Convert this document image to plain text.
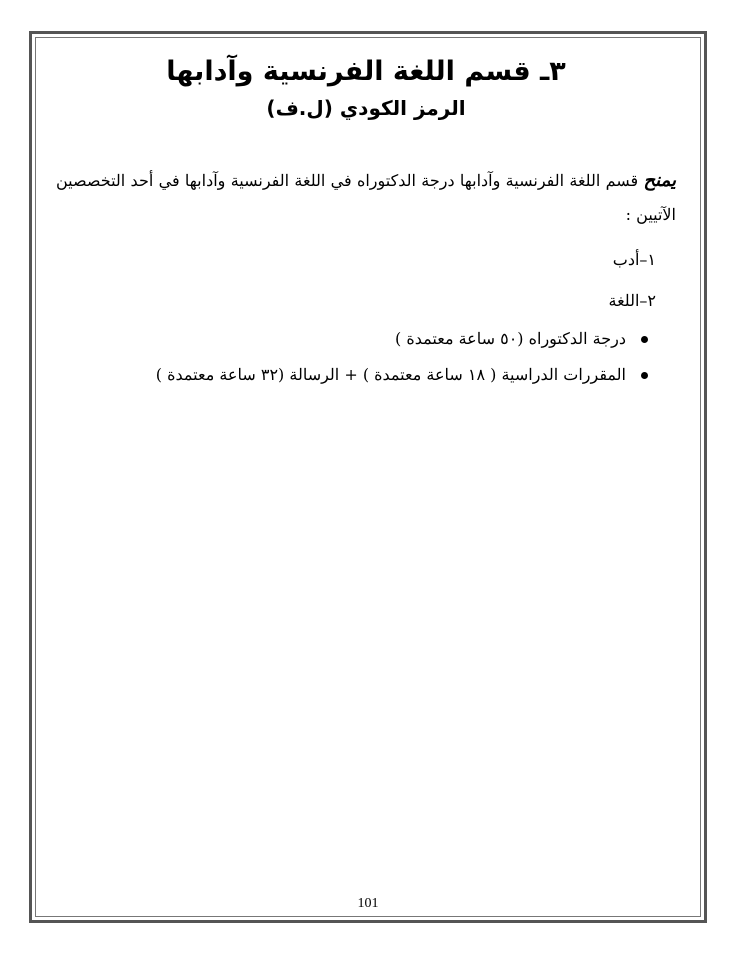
٣ـ قسم اللغة الفرنسية وآدابها
الرمز الكودي (ل.ف)

يمنح قسم اللغة الفرنسية وآدابها درجة الدكتوراه في اللغة الفرنسية وآدابها في أحد التخصصين الآتيين :

١–أدب
٢–اللغة
درجة الدكتوراه (٥٠ ساعة معتمدة )
المقررات الدراسية ( ١٨ ساعة معتمدة ) + الرسالة (٣٢ ساعة معتمدة )
101
